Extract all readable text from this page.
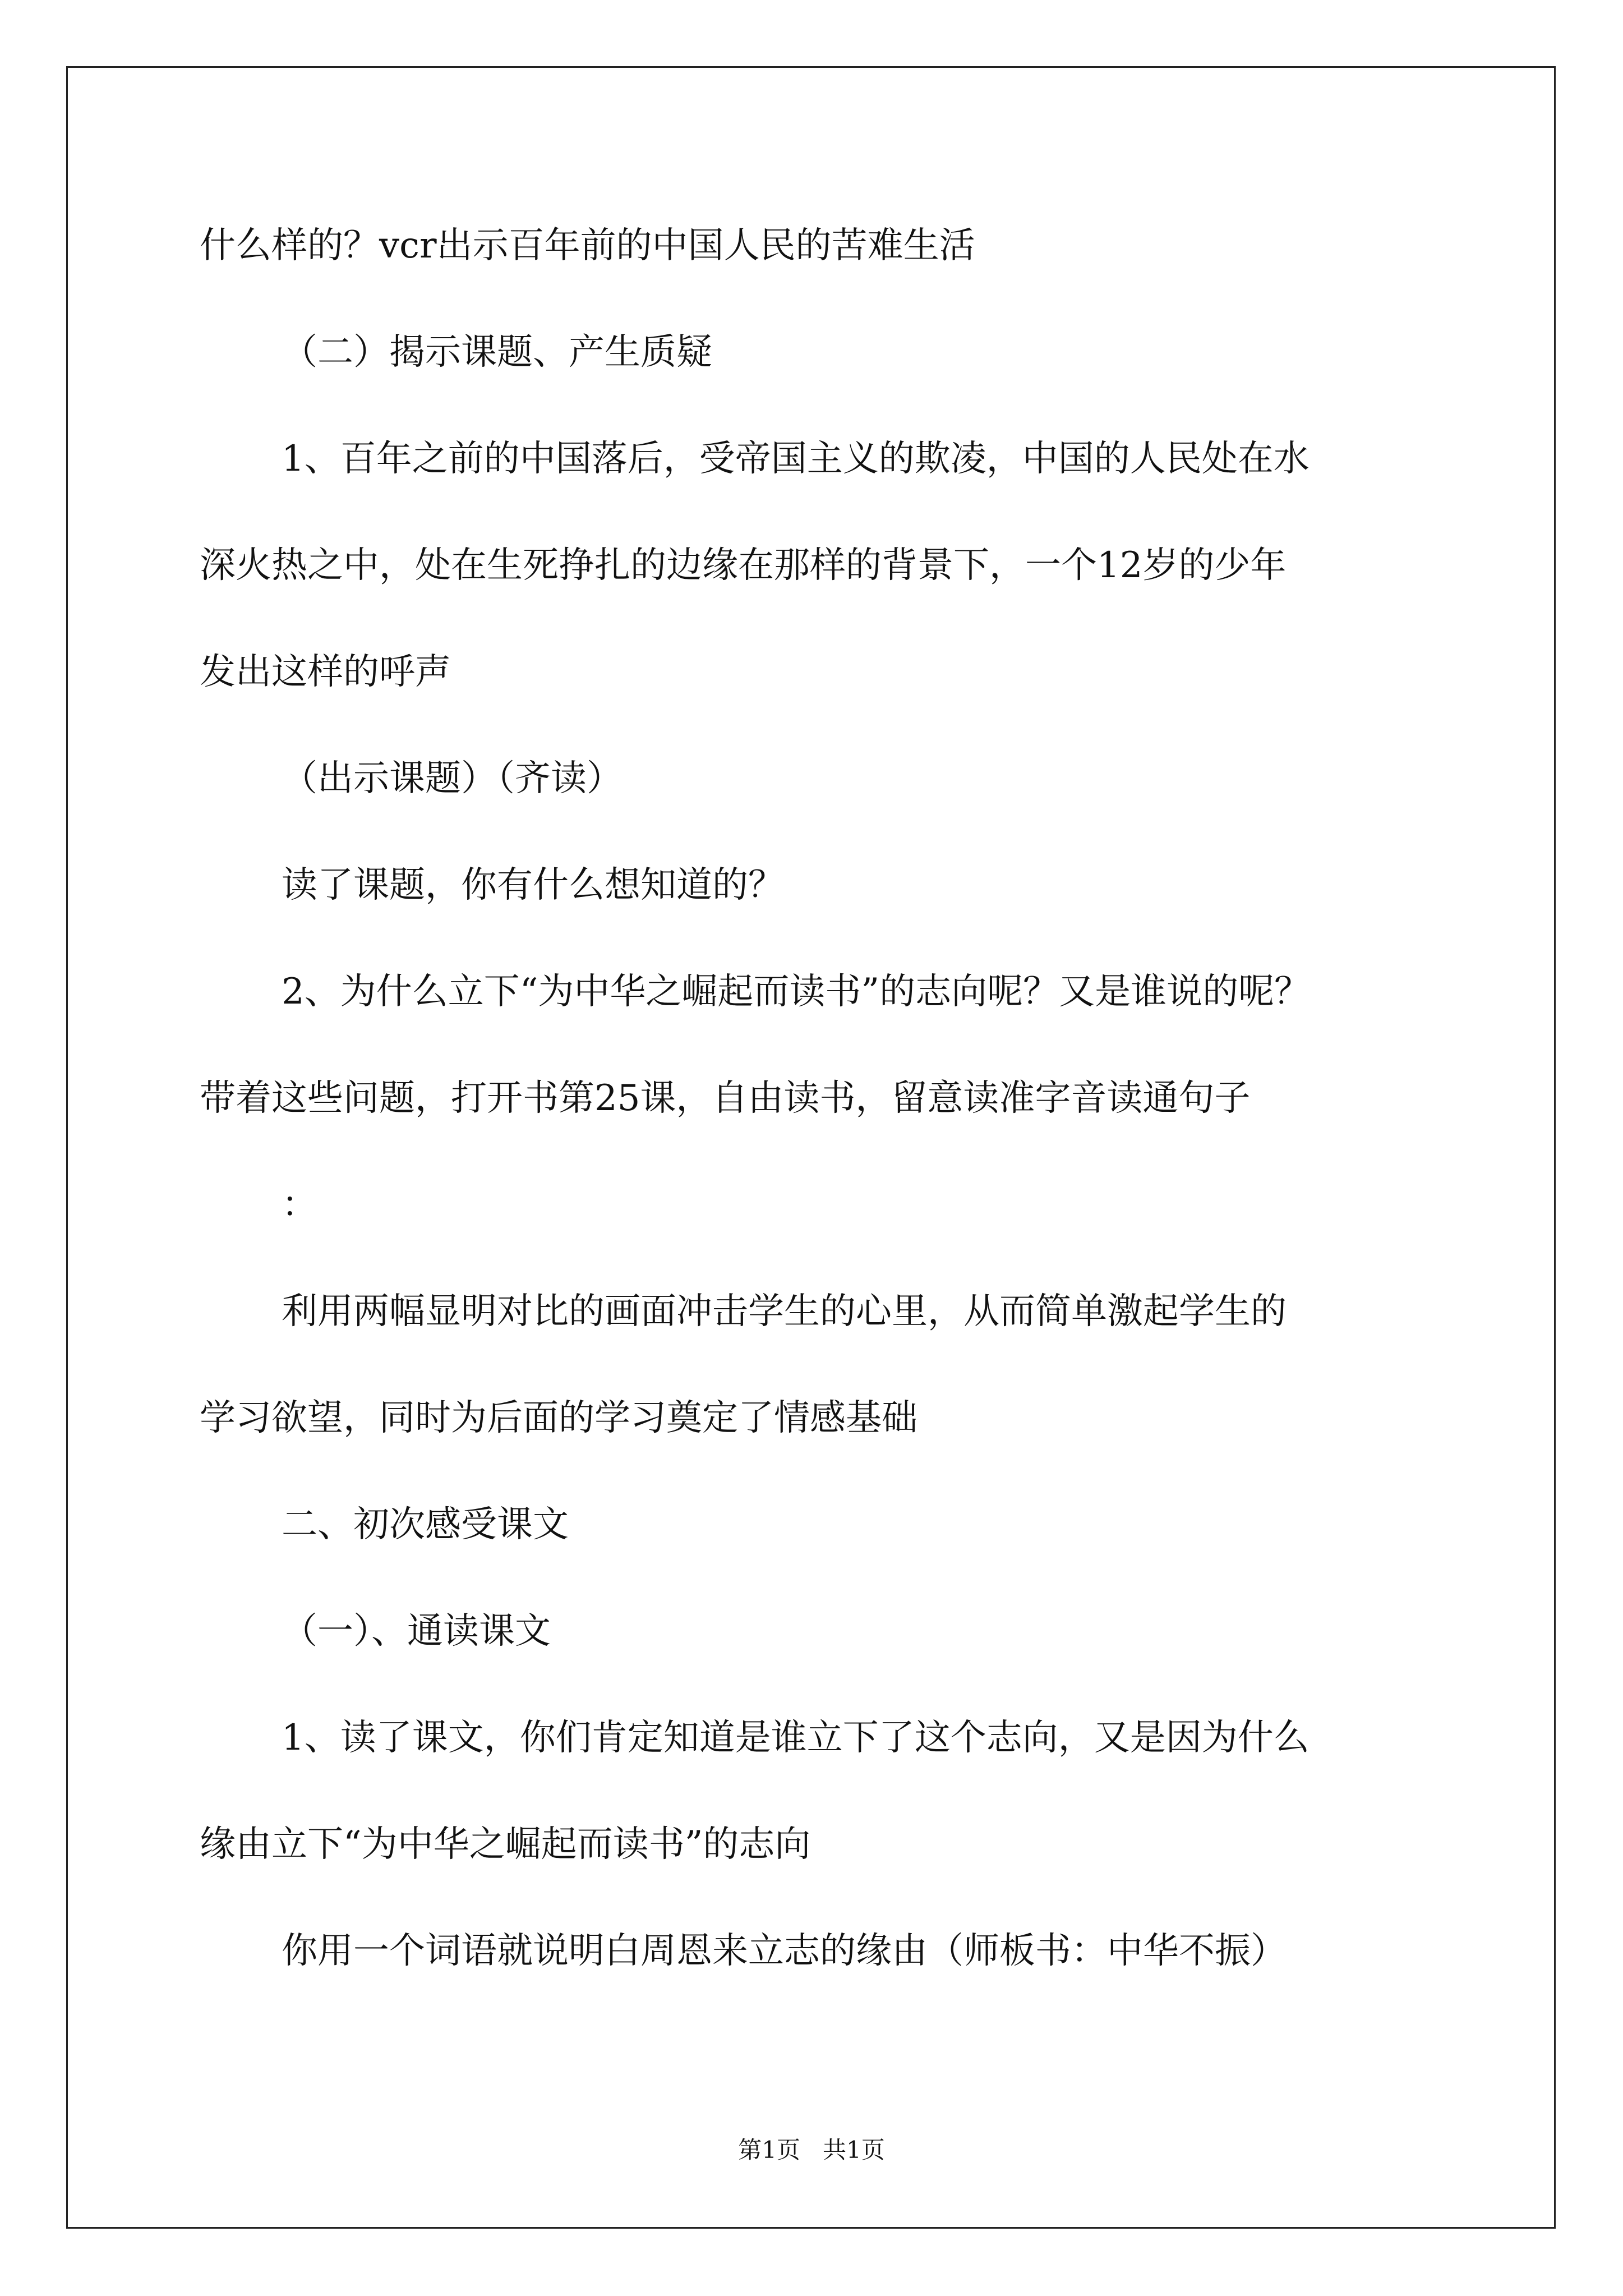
什么样的？vcr出示百年前的中国人民的苦难生活

（二）揭示课题、产生质疑

1、百年之前的中国落后，受帝国主义的欺凌，中国的人民处在水

深火热之中，处在生死挣扎的边缘在那样的背景下，一个12岁的少年

发出这样的呼声

（出示课题）（齐读）

读了课题，你有什么想知道的？

2、为什么立下“为中华之崛起而读书”的志向呢？又是谁说的呢？

带着这些问题，打开书第25课，自由读书，留意读准字音读通句子

：

利用两幅显明对比的画面冲击学生的心里，从而简单激起学生的

学习欲望，同时为后面的学习奠定了情感基础

二、初次感受课文

（一）、通读课文

1、读了课文，你们肯定知道是谁立下了这个志向，又是因为什么

缘由立下“为中华之崛起而读书”的志向

你用一个词语就说明白周恩来立志的缘由（师板书：中华不振）

第1页   共1页
